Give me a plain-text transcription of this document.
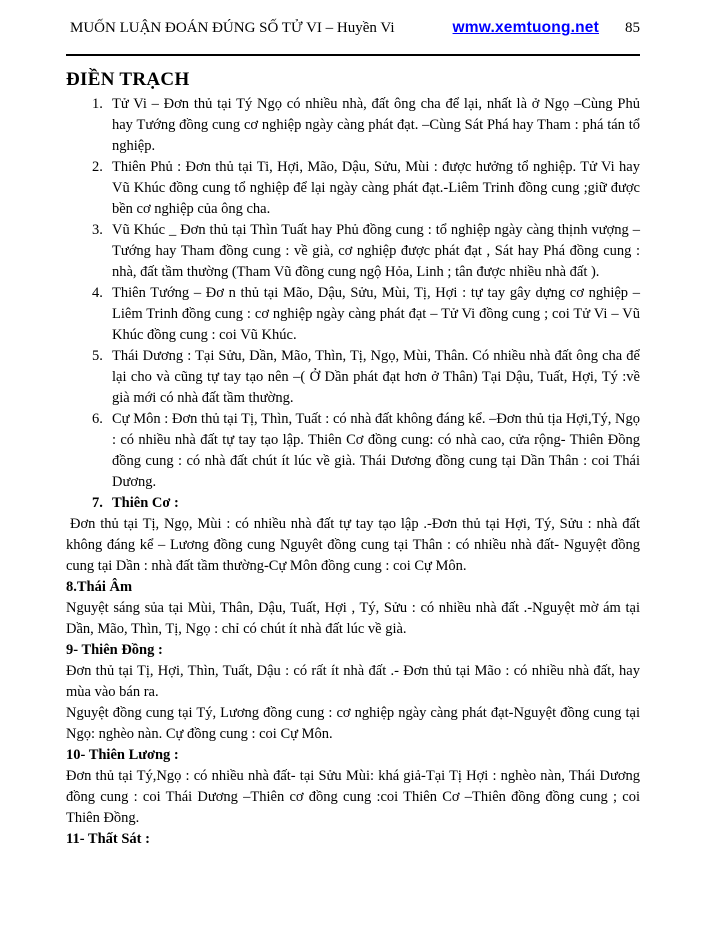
MUỐN LUẬN ĐOÁN ĐÚNG SỐ TỬ VI – Huyền Vi	wmw.xemtuong.net 85
ĐIỀN TRẠCH
1. Tử Vi – Đơn thủ tại Tý Ngọ có nhiều nhà, đất ông cha để lại, nhất là ở Ngọ –Cùng Phủ hay Tướng đồng cung cơ nghiệp ngày càng phát đạt. –Cùng Sát Phá hay Tham : phá tán tổ nghiệp.
2. Thiên Phủ : Đơn thủ tại Ti, Hợi, Mão, Dậu, Sửu, Mùi : được hưởng tổ nghiệp. Tử Vi hay Vũ Khúc đồng cung tổ nghiệp để lại ngày càng phát đạt.-Liêm Trinh đồng cung ;giữ được bền cơ nghiệp của ông cha.
3. Vũ Khúc _ Đơn thủ tại Thìn Tuất hay Phủ đồng cung : tổ nghiệp ngày càng thịnh vượng – Tướng hay Tham đồng cung : về già, cơ nghiệp được phát đạt , Sát hay Phá đồng cung : nhà, đất tầm thường (Tham Vũ đồng cung ngộ Hỏa, Linh ; tân được nhiều nhà đất ).
4. Thiên Tướng – Đơ n thủ tại Mão, Dậu, Sửu, Mùi, Tị, Hợi : tự tay gây dựng cơ nghiệp – Liêm Trinh đồng cung : cơ nghiệp ngày càng phát đạt – Tử Vi đồng cung ; coi Tử Vi – Vũ Khúc đồng cung : coi Vũ Khúc.
5. Thái Dương : Tại Sửu, Dần, Mão, Thìn, Tị, Ngọ, Mùi, Thân. Có nhiều nhà đất ông cha để lại cho và cũng tự tay tạo nên –( Ở Dần phát đạt hơn ở Thân) Tại Dậu, Tuất, Hợi, Tý :về già mới có nhà đất tầm thường.
6. Cự Môn : Đơn thủ tại Tị, Thìn, Tuất : có nhà đất không đáng kể. –Đơn thủ tịa Hợi,Tý, Ngọ : có nhiều nhà đất tự tay tạo lập. Thiên Cơ đồng cung: có nhà cao, cửa rộng- Thiên Đồng đồng cung : có nhà đất chút ít lúc về già. Thái Dương đồng cung tại Dần Thân : coi Thái Dương.
7. Thiên Cơ :

Đơn thủ tại Tị, Ngọ, Mùi : có nhiều nhà đất tự tay tạo lập .-Đơn thủ tại Hợi, Tý, Sửu : nhà đất không đáng kể – Lương đồng cung Nguyêt đồng cung tại Thân : có nhiều nhà đất- Nguyệt đồng cung tại Dần : nhà đất tầm thường-Cự Môn đồng cung : coi Cự Môn.

8.Thái Âm

Nguyệt sáng sủa tại Mùi, Thân, Dậu, Tuất, Hợi , Tý, Sửu : có nhiều nhà đất .-Nguyệt mờ ám tại Dần, Mão, Thìn, Tị, Ngọ : chỉ có chút ít nhà đất lúc về già.

9- Thiên Đồng :

Đơn thủ tại Tị, Hợi, Thìn, Tuất, Dậu : có rất ít nhà đất .- Đơn thủ tại Mão : có nhiều nhà đất, hay mùa vào bán ra.

Nguyệt đồng cung tại Tý, Lương đồng cung : cơ nghiệp ngày càng phát đạt-Nguyệt đồng cung tại Ngọ: nghèo nàn. Cự đồng cung : coi Cự Môn.

10- Thiên Lương :

Đơn thủ tại Tý,Ngọ : có nhiều nhà đất- tại Sửu Mùi: khá giả-Tại Tị Hợi : nghèo nàn, Thái Dương đồng cung : coi Thái Dương –Thiên cơ đồng cung :coi Thiên Cơ –Thiên đồng đồng cung ; coi Thiên Đồng.

11- Thất Sát :
